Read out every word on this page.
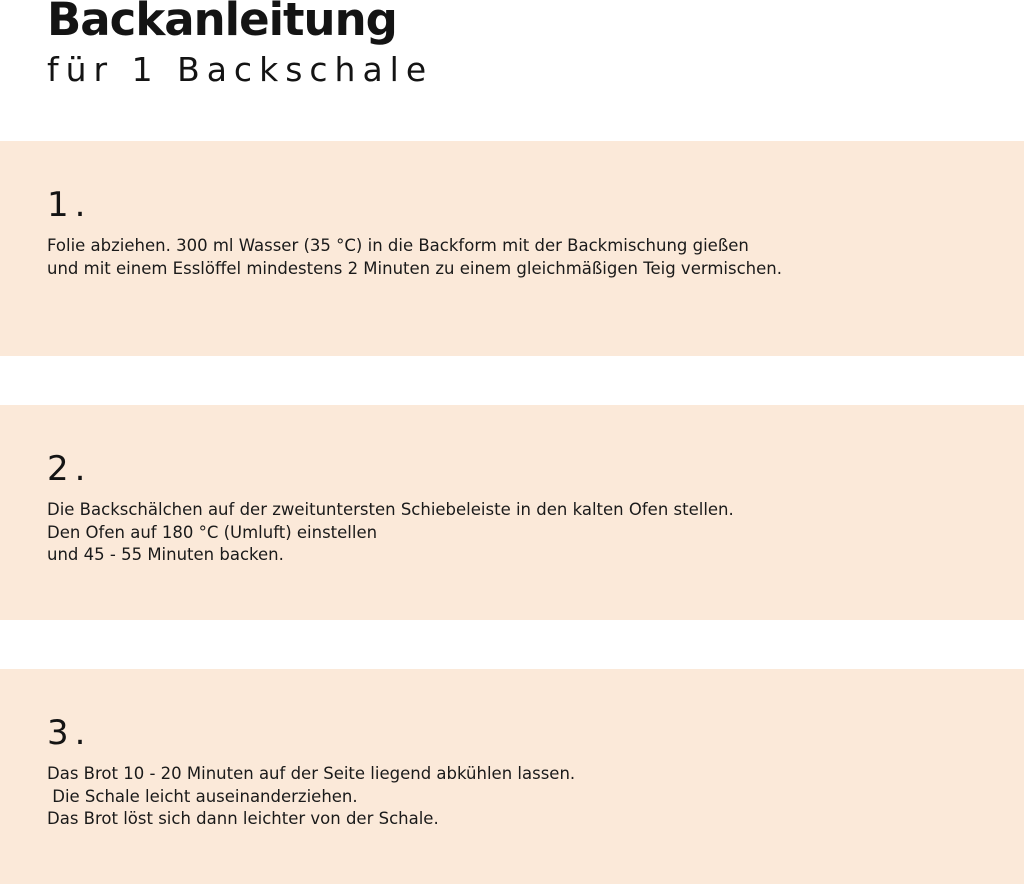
Backanleitung
für 1 Backschale
1.
Folie abziehen. 300 ml Wasser (35 °C) in die Backform mit der Backmischung gießen
und mit einem Esslöffel mindestens 2 Minuten zu einem gleichmäßigen Teig vermischen.
2.
Die Backschälchen auf der zweituntersten Schiebeleiste in den kalten Ofen stellen.
Den Ofen auf 180 °C (Umluft) einstellen
und 45 - 55 Minuten backen.
3.
Das Brot 10 - 20 Minuten auf der Seite liegend abkühlen lassen.
Die Schale leicht auseinanderziehen.
Das Brot löst sich dann leichter von der Schale.
